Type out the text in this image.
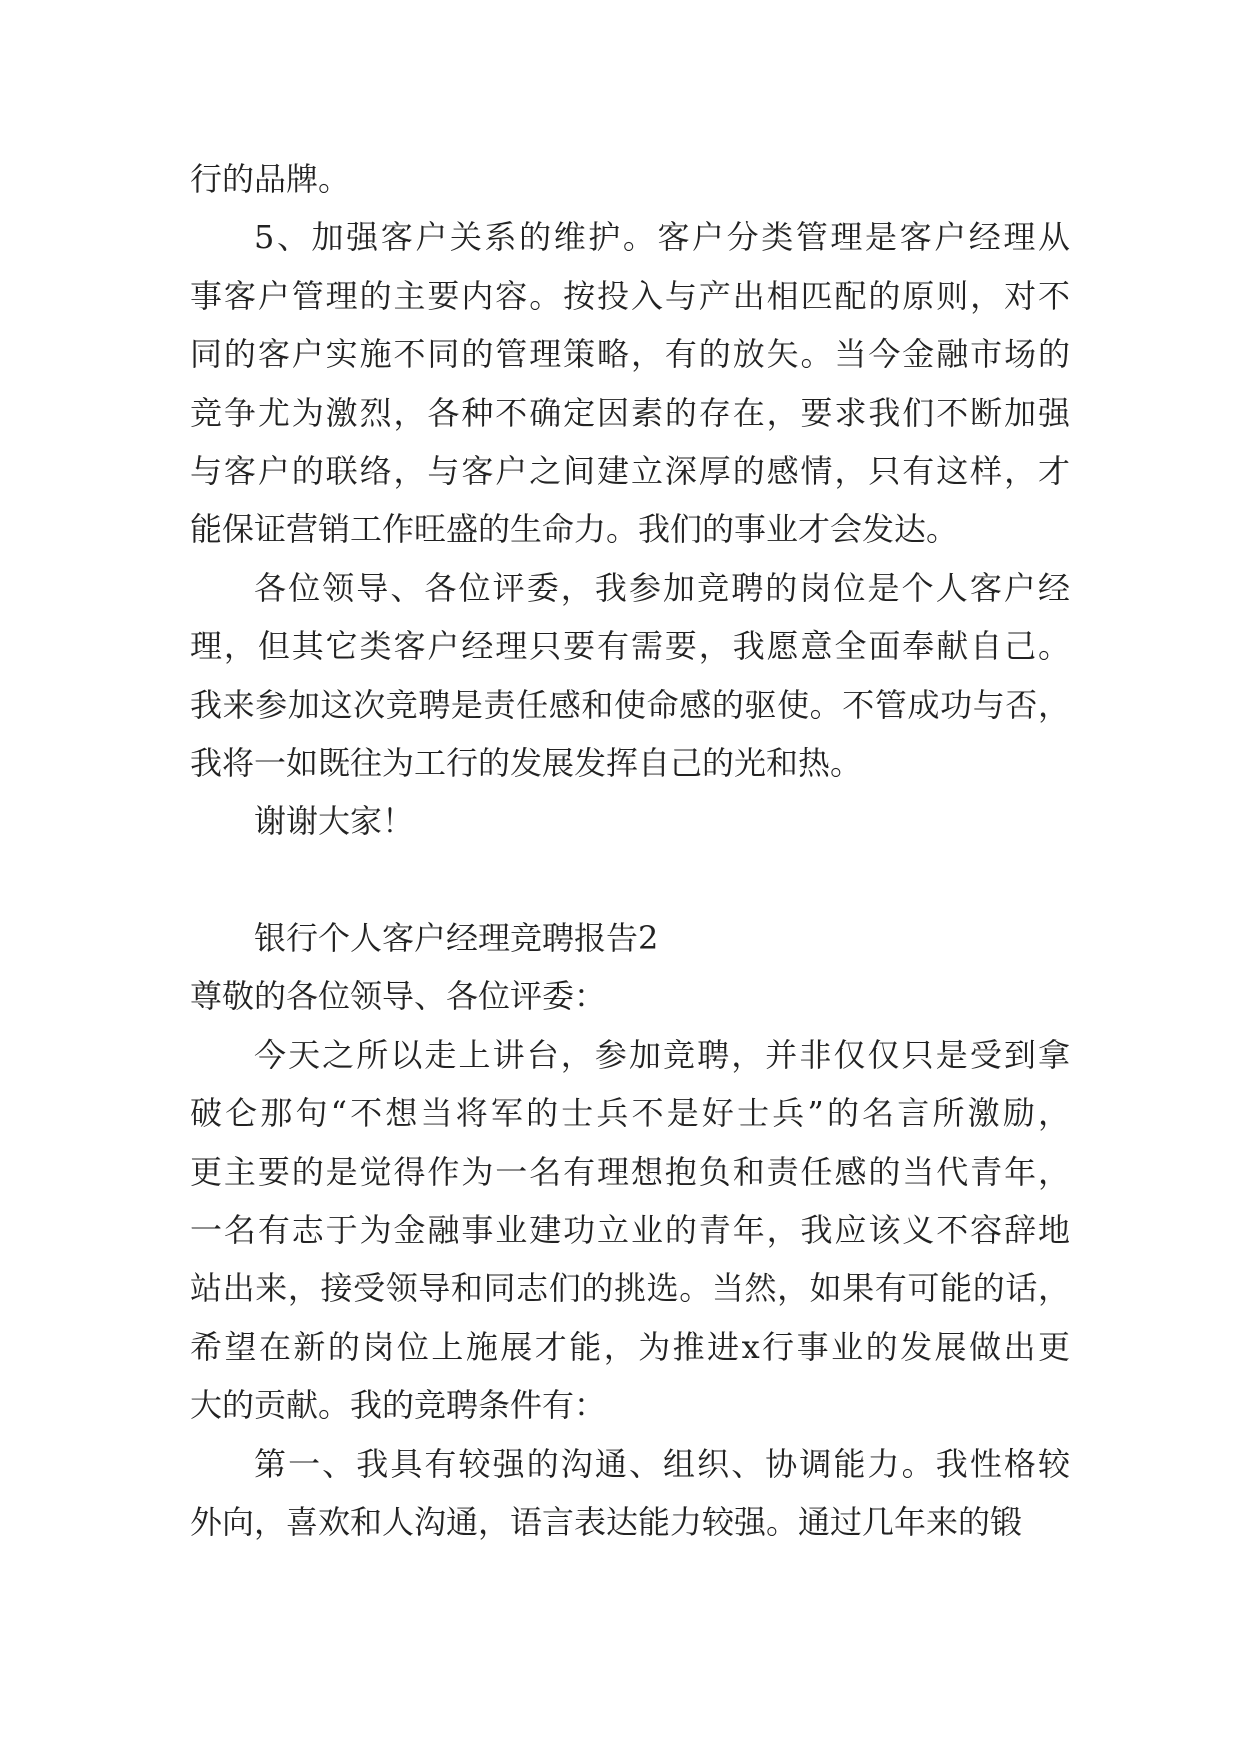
行的品牌。
5、加强客户关系的维护。客户分类管理是客户经理从
事客户管理的主要内容。按投入与产出相匹配的原则，对不
同的客户实施不同的管理策略，有的放矢。当今金融市场的
竞争尤为激烈，各种不确定因素的存在，要求我们不断加强
与客户的联络，与客户之间建立深厚的感情，只有这样，才
能保证营销工作旺盛的生命力。我们的事业才会发达。
各位领导、各位评委，我参加竞聘的岗位是个人客户经
理，但其它类客户经理只要有需要，我愿意全面奉献自己。
我来参加这次竞聘是责任感和使命感的驱使。不管成功与否，
我将一如既往为工行的发展发挥自己的光和热。
谢谢大家！
银行个人客户经理竞聘报告2
尊敬的各位领导、各位评委：
今天之所以走上讲台，参加竞聘，并非仅仅只是受到拿
破仑那句“不想当将军的士兵不是好士兵”的名言所激励，
更主要的是觉得作为一名有理想抱负和责任感的当代青年，
一名有志于为金融事业建功立业的青年，我应该义不容辞地
站出来，接受领导和同志们的挑选。当然，如果有可能的话，
希望在新的岗位上施展才能，为推进x行事业的发展做出更
大的贡献。我的竞聘条件有：
第一、我具有较强的沟通、组织、协调能力。我性格较
外向，喜欢和人沟通，语言表达能力较强。通过几年来的锻
